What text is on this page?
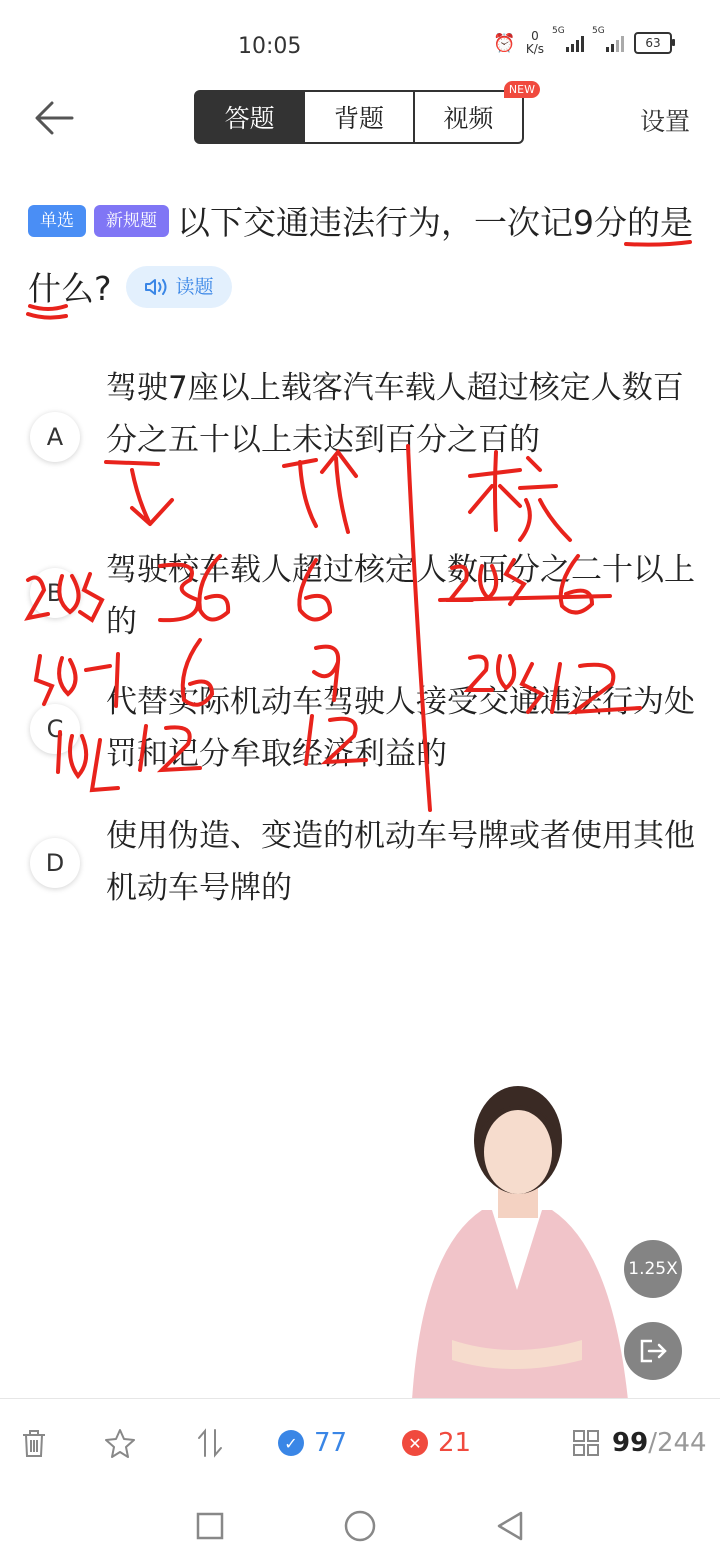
10:05	⏰	0
K/s
5G	5G
63
答题	背题	视频
NEW
设置
单选 新规题 以下交通违法行为，一次记9分的是什么?	读题
A
驾驶7座以上载客汽车载人超过核定人数百分之五十以上未达到百分之百的
B
驾驶校车载人超过核定人数百分之二十以上的
C
代替实际机动车驾驶人接受交通违法行为处罚和记分牟取经济利益的
D
使用伪造、变造的机动车号牌或者使用其他机动车号牌的
1.25X
✓ 77	✕ 21	99 /244
